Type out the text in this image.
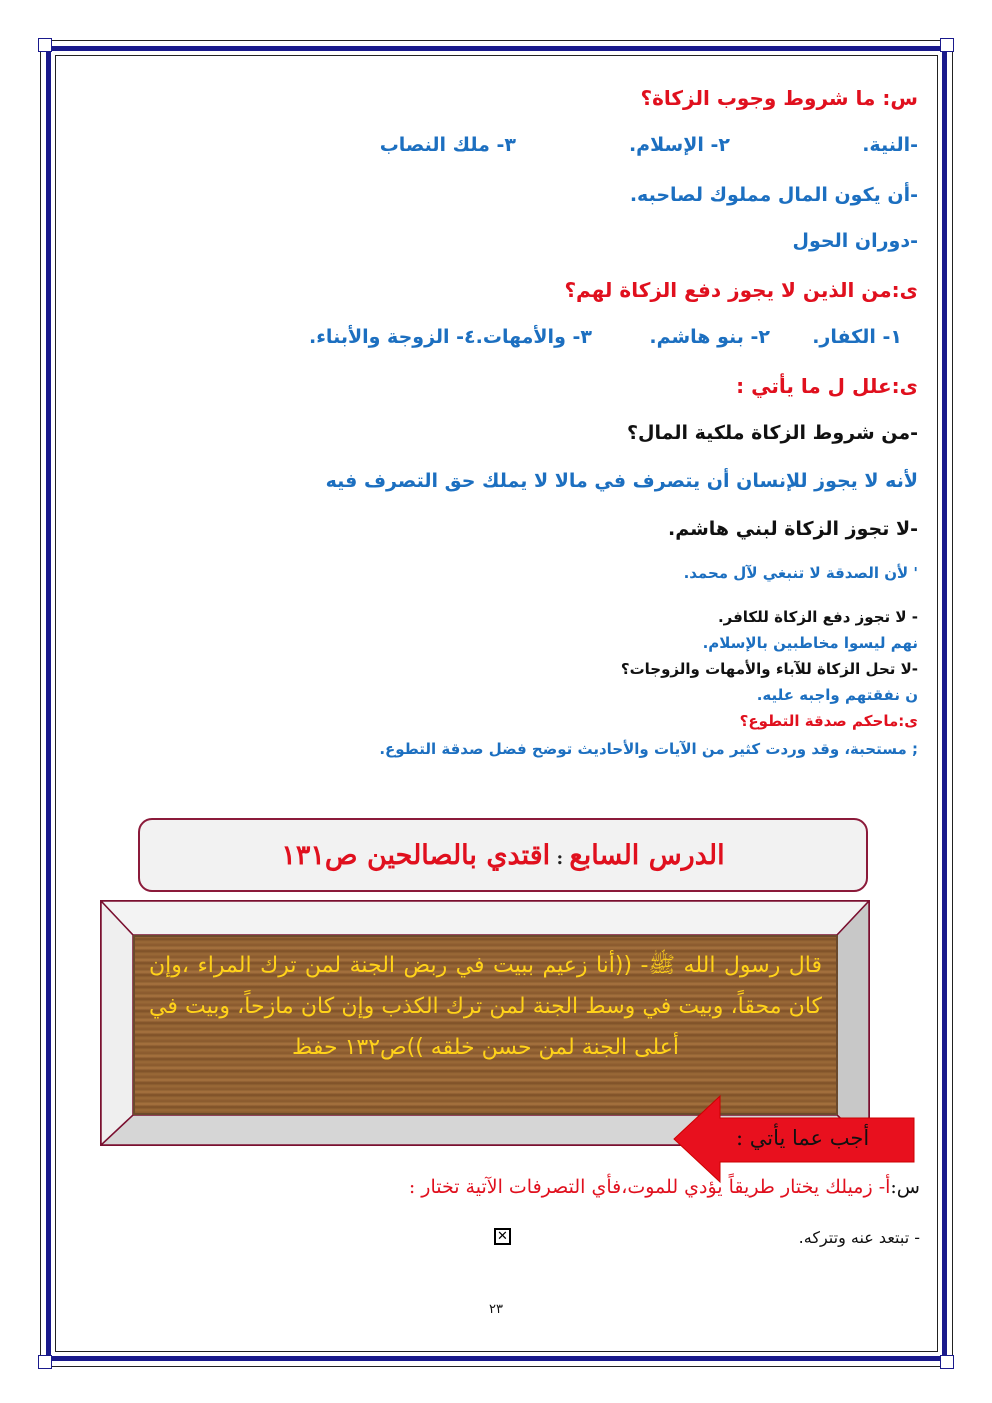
س: ما شروط وجوب الزكاة؟
-النية.
٢- الإسلام.
٣- ملك النصاب
-أن يكون المال مملوك لصاحبه.
-دوران الحول
ى:من الذين لا يجوز دفع الزكاة لهم؟
١- الكفار.
٢- بنو هاشم.
٣- والأمهات.٤- الزوجة والأبناء.
ى:علل ل ما يأتي :
-من شروط الزكاة ملكية المال؟
لأنه لا يجوز للإنسان أن يتصرف في مالا لا يملك حق التصرف فيه
-لا تجوز الزكاة لبني هاشم.
' لأن الصدقة لا تنبغي لآل محمد.
- لا تجوز دفع الزكاة للكافر.
نهم ليسوا مخاطبين بالإسلام.
-لا تحل الزكاة للآباء والأمهات والزوجات؟
ن نفقتهم واجبه عليه.
ى:ماحكم صدقة التطوع؟
; مستحبة، وقد وردت كثير من الآيات والأحاديث توضح فضل صدقة التطوع.
الدرس السابع : اقتدي بالصالحين ص١٣١
قال رسول الله ﷺ- ((أنا زعيم ببيت في ربض الجنة لمن ترك المراء ،وإن كان محقاً، وبيت في وسط الجنة لمن ترك الكذب وإن كان مازحاً، وبيت في أعلى الجنة لمن حسن خلقه ))ص١٣٢ حفظ
أجب عما يأتي :
س:أ- زميلك يختار طريقاً يؤدي للموت،فأي التصرفات الآتية تختار :
- تبتعد عنه وتتركه.
✕
٢٣
